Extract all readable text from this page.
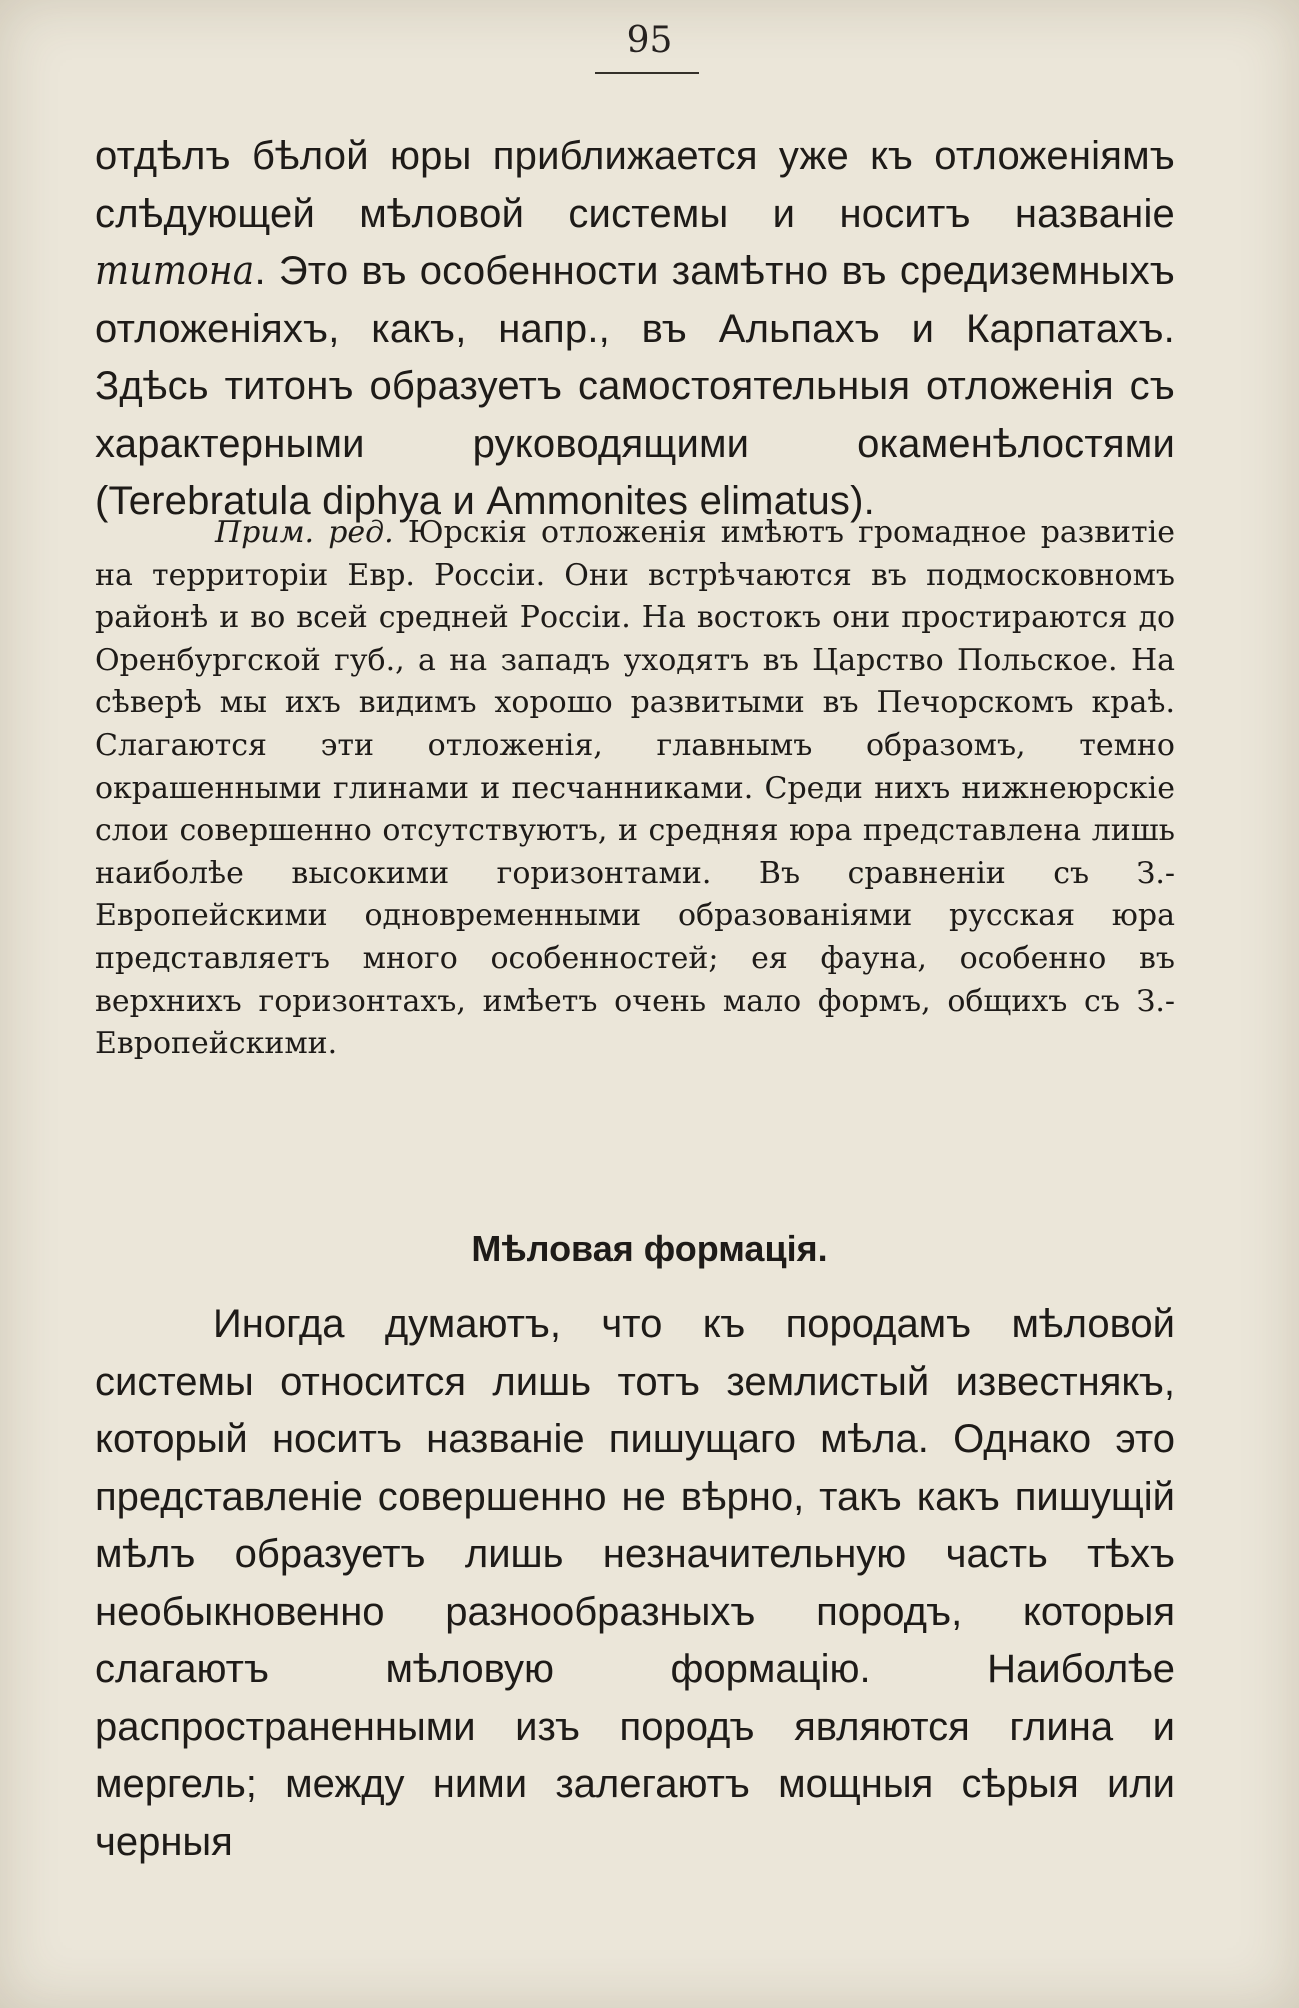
95

отдѣлъ бѣлой юры приближается уже къ отложеніямъ слѣдующей мѣловой системы и носитъ названіе титона. Это въ особенности замѣтно въ средиземныхъ отложеніяхъ, какъ, напр., въ Альпахъ и Карпатахъ. Здѣсь титонъ образуетъ самостоятельныя отложенія съ характерными руководящими окаменѣлостями (Terebratula diphya и Ammonites elimatus).

Прим. ред. Юрскія отложенія имѣютъ громадное развитіе на территоріи Евр. Россіи. Они встрѣчаются въ подмосковномъ районѣ и во всей средней Россіи. На востокъ они простираются до Оренбургской губ., а на западъ уходятъ въ Царство Польское. На сѣверѣ мы ихъ видимъ хорошо развитыми въ Печорскомъ краѣ. Слагаются эти отложенія, главнымъ образомъ, темно окрашенными глинами и песчанниками. Среди нихъ нижнеюрскіе слои совершенно отсутствуютъ, и средняя юра представлена лишь наиболѣе высокими горизонтами. Въ сравненіи съ З.-Европейскими одновременными образованіями русская юра представляетъ много особенностей; ея фауна, особенно въ верхнихъ горизонтахъ, имѣетъ очень мало формъ, общихъ съ З.-Европейскими.

Мѣловая формація.

Иногда думаютъ, что къ породамъ мѣловой системы относится лишь тотъ землистый известнякъ, который носитъ названіе пишущаго мѣла. Однако это представленіе совершенно не вѣрно, такъ какъ пишущій мѣлъ образуетъ лишь незначительную часть тѣхъ необыкновенно разнообразныхъ породъ, которыя слагаютъ мѣловую формацію. Наиболѣе распространенными изъ породъ являются глина и мергель; между ними залегаютъ мощныя сѣрыя или черныя
